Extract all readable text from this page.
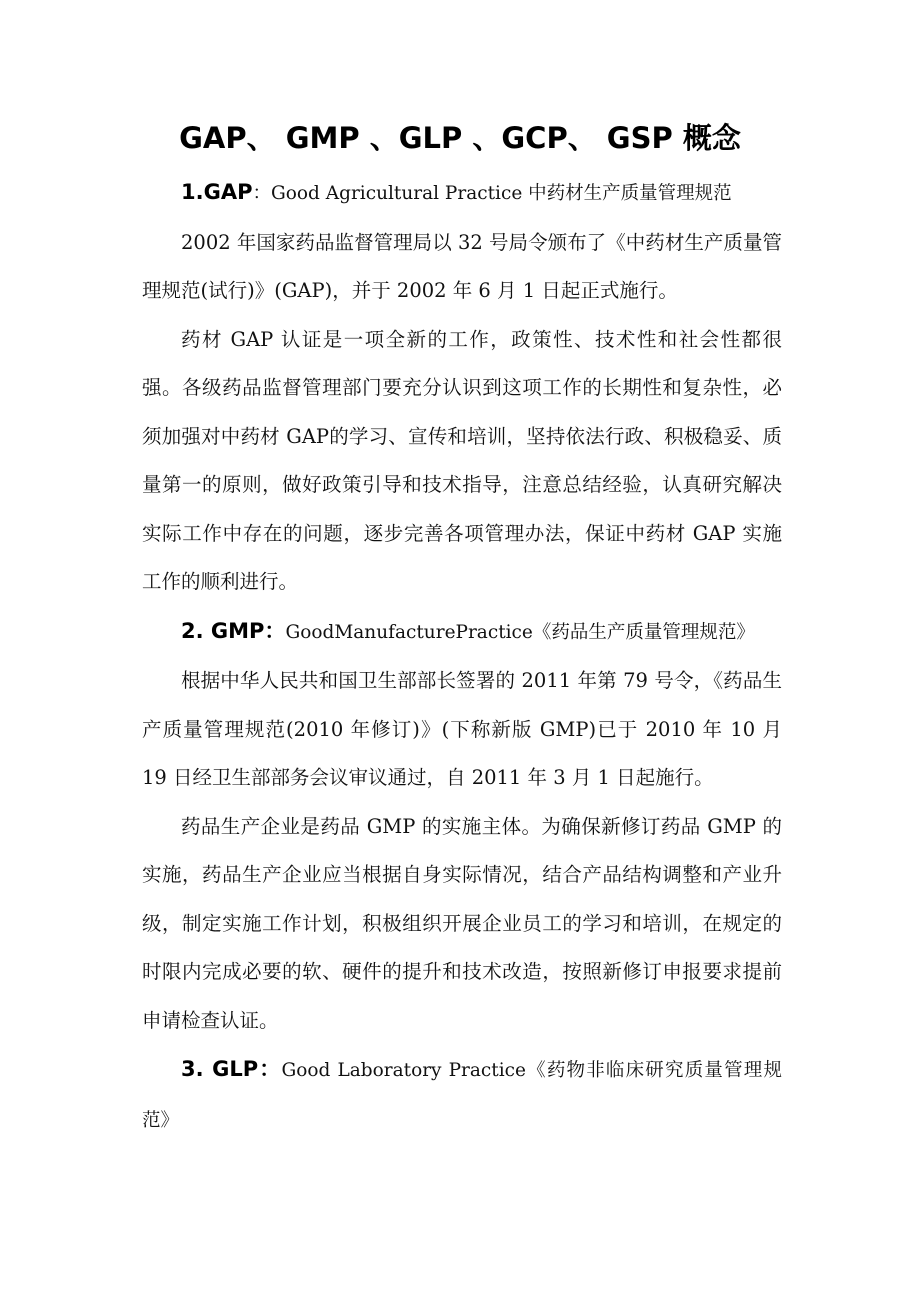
GAP、 GMP 、GLP 、GCP、 GSP 概念

1.GAP：Good Agricultural Practice 中药材生产质量管理规范

2002 年国家药品监督管理局以 32 号局令颁布了《中药材生产质量管理规范(试行)》(GAP)，并于 2002 年 6 月 1 日起正式施行。

药材 GAP 认证是一项全新的工作，政策性、技术性和社会性都很强。各级药品监督管理部门要充分认识到这项工作的长期性和复杂性，必须加强对中药材 GAP的学习、宣传和培训，坚持依法行政、积极稳妥、质量第一的原则，做好政策引导和技术指导，注意总结经验，认真研究解决实际工作中存在的问题，逐步完善各项管理办法，保证中药材 GAP 实施工作的顺利进行。

2. GMP：GoodManufacturePractice《药品生产质量管理规范》

根据中华人民共和国卫生部部长签署的 2011 年第 79 号令，《药品生产质量管理规范(2010 年修订)》(下称新版 GMP)已于 2010 年 10 月 19 日经卫生部部务会议审议通过，自 2011 年 3 月 1 日起施行。

药品生产企业是药品 GMP 的实施主体。为确保新修订药品 GMP 的实施，药品生产企业应当根据自身实际情况，结合产品结构调整和产业升级，制定实施工作计划，积极组织开展企业员工的学习和培训，在规定的时限内完成必要的软、硬件的提升和技术改造，按照新修订申报要求提前申请检查认证。

3. GLP：Good Laboratory Practice《药物非临床研究质量管理规范》
